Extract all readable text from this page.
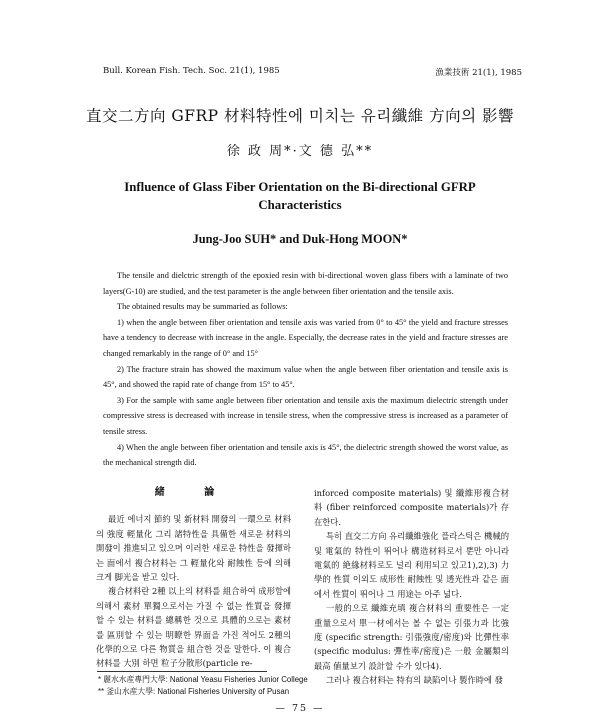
Bull. Korean Fish. Tech. Soc. 21(1), 1985	漁業技術 21(1), 1985
直交二方向 GFRP 材料特性에 미치는 유리纖維 方向의 影響
徐 政 周*·文 德 弘**
Influence of Glass Fiber Orientation on the Bi-directional GFRP Characteristics
Jung-Joo SUH* and Duk-Hong MOON*

The tensile and dielctric strength of the epoxied resin with bi-directional woven glass fibers with a laminate of two layers(G-10) are studied, and the test parameter is the angle between fiber orientation and the tensile axis.

The obtained results may be summaried as follows:

1) when the angle between fiber orientation and tensile axis was varied from 0° to 45° the yield and fracture stresses have a tendency to decrease with increase in the angle. Especially, the decrease rates in the yield and fracture stresses are changed remarkably in the range of 0° and 15°

2) The fracture strain has showed the maximum value when the angle between fiber orientation and tensile axis is 45°, and showed the rapid rate of change from 15° to 45°.

3) For the sample with same angle between fiber orientation and tensile axis the maximum dielectric strength under compressive stress is decreased with increase in tensile stress, when the compressive stress is increased as a parameter of tensile stress.

4) When the angle between fiber orientation and tensile axis is 45°, the dielectric strength showed the worst value, as the mechanical strength did.

緒 論

最近 에너지 節約 및 新材料 開發의 一環으로 材料의 強度 輕量化 그리 諸特性을 具備한 새로운 材料의 開發이 推進되고 있으며 이러한 새로운 特性을 發揮하는 面에서 複合材料는 그 輕量化와 耐蝕性 등에 의해 크게 脚光을 받고 있다.

複合材料란 2種 以上의 材料를 組合하여 成形함에 의해서 素材 單獨으로서는 가질 수 없는 性質을 發揮할 수 있는 材料를 總稱한 것으로 具體的으로는 素材를 區別할 수 있는 明瞭한 界面을 가진 적어도 2種의 化學的으로 다른 物質을 組合한 것을 말한다. 이 複合材料를 大別 하면 粒子分散形(particle re-

inforced composite materials) 및 纖維形複合材料 (fiber reinforced composite materials)가 存在한다.

특히 直交二方向 유리纖維強化 플라스틱은 機械的 및 電氣的 特性이 뛰어나 構造材料로서 뿐만 아니라 電氣的 絶緣材料로도 널리 利用되고 있고1),2),3) 力學的 性質 이외도 成形性 耐蝕性 및 透光性과 같은 面에서 性質이 뛰어나 그 用途는 아주 넓다.

一般的으로 纖維充填 複合材料의 重要性은 一定 重量으로서 單一材에서는 볼 수 없는 引張力과 比強度 (specific strength: 引張強度/密度)와 比彈性率(specific modulus: 彈性率/密度)은 一般 金屬類의 最高 値量보기 設計할 수가 있다4).

그러나 複合材料는 特有의 缺陷이나 製作時에 發

* 麗水水産專門大學: National Yeasu Fisheries Junior College
** 釜山水産大學: National Fisheries University of Pusan
— 75 —
